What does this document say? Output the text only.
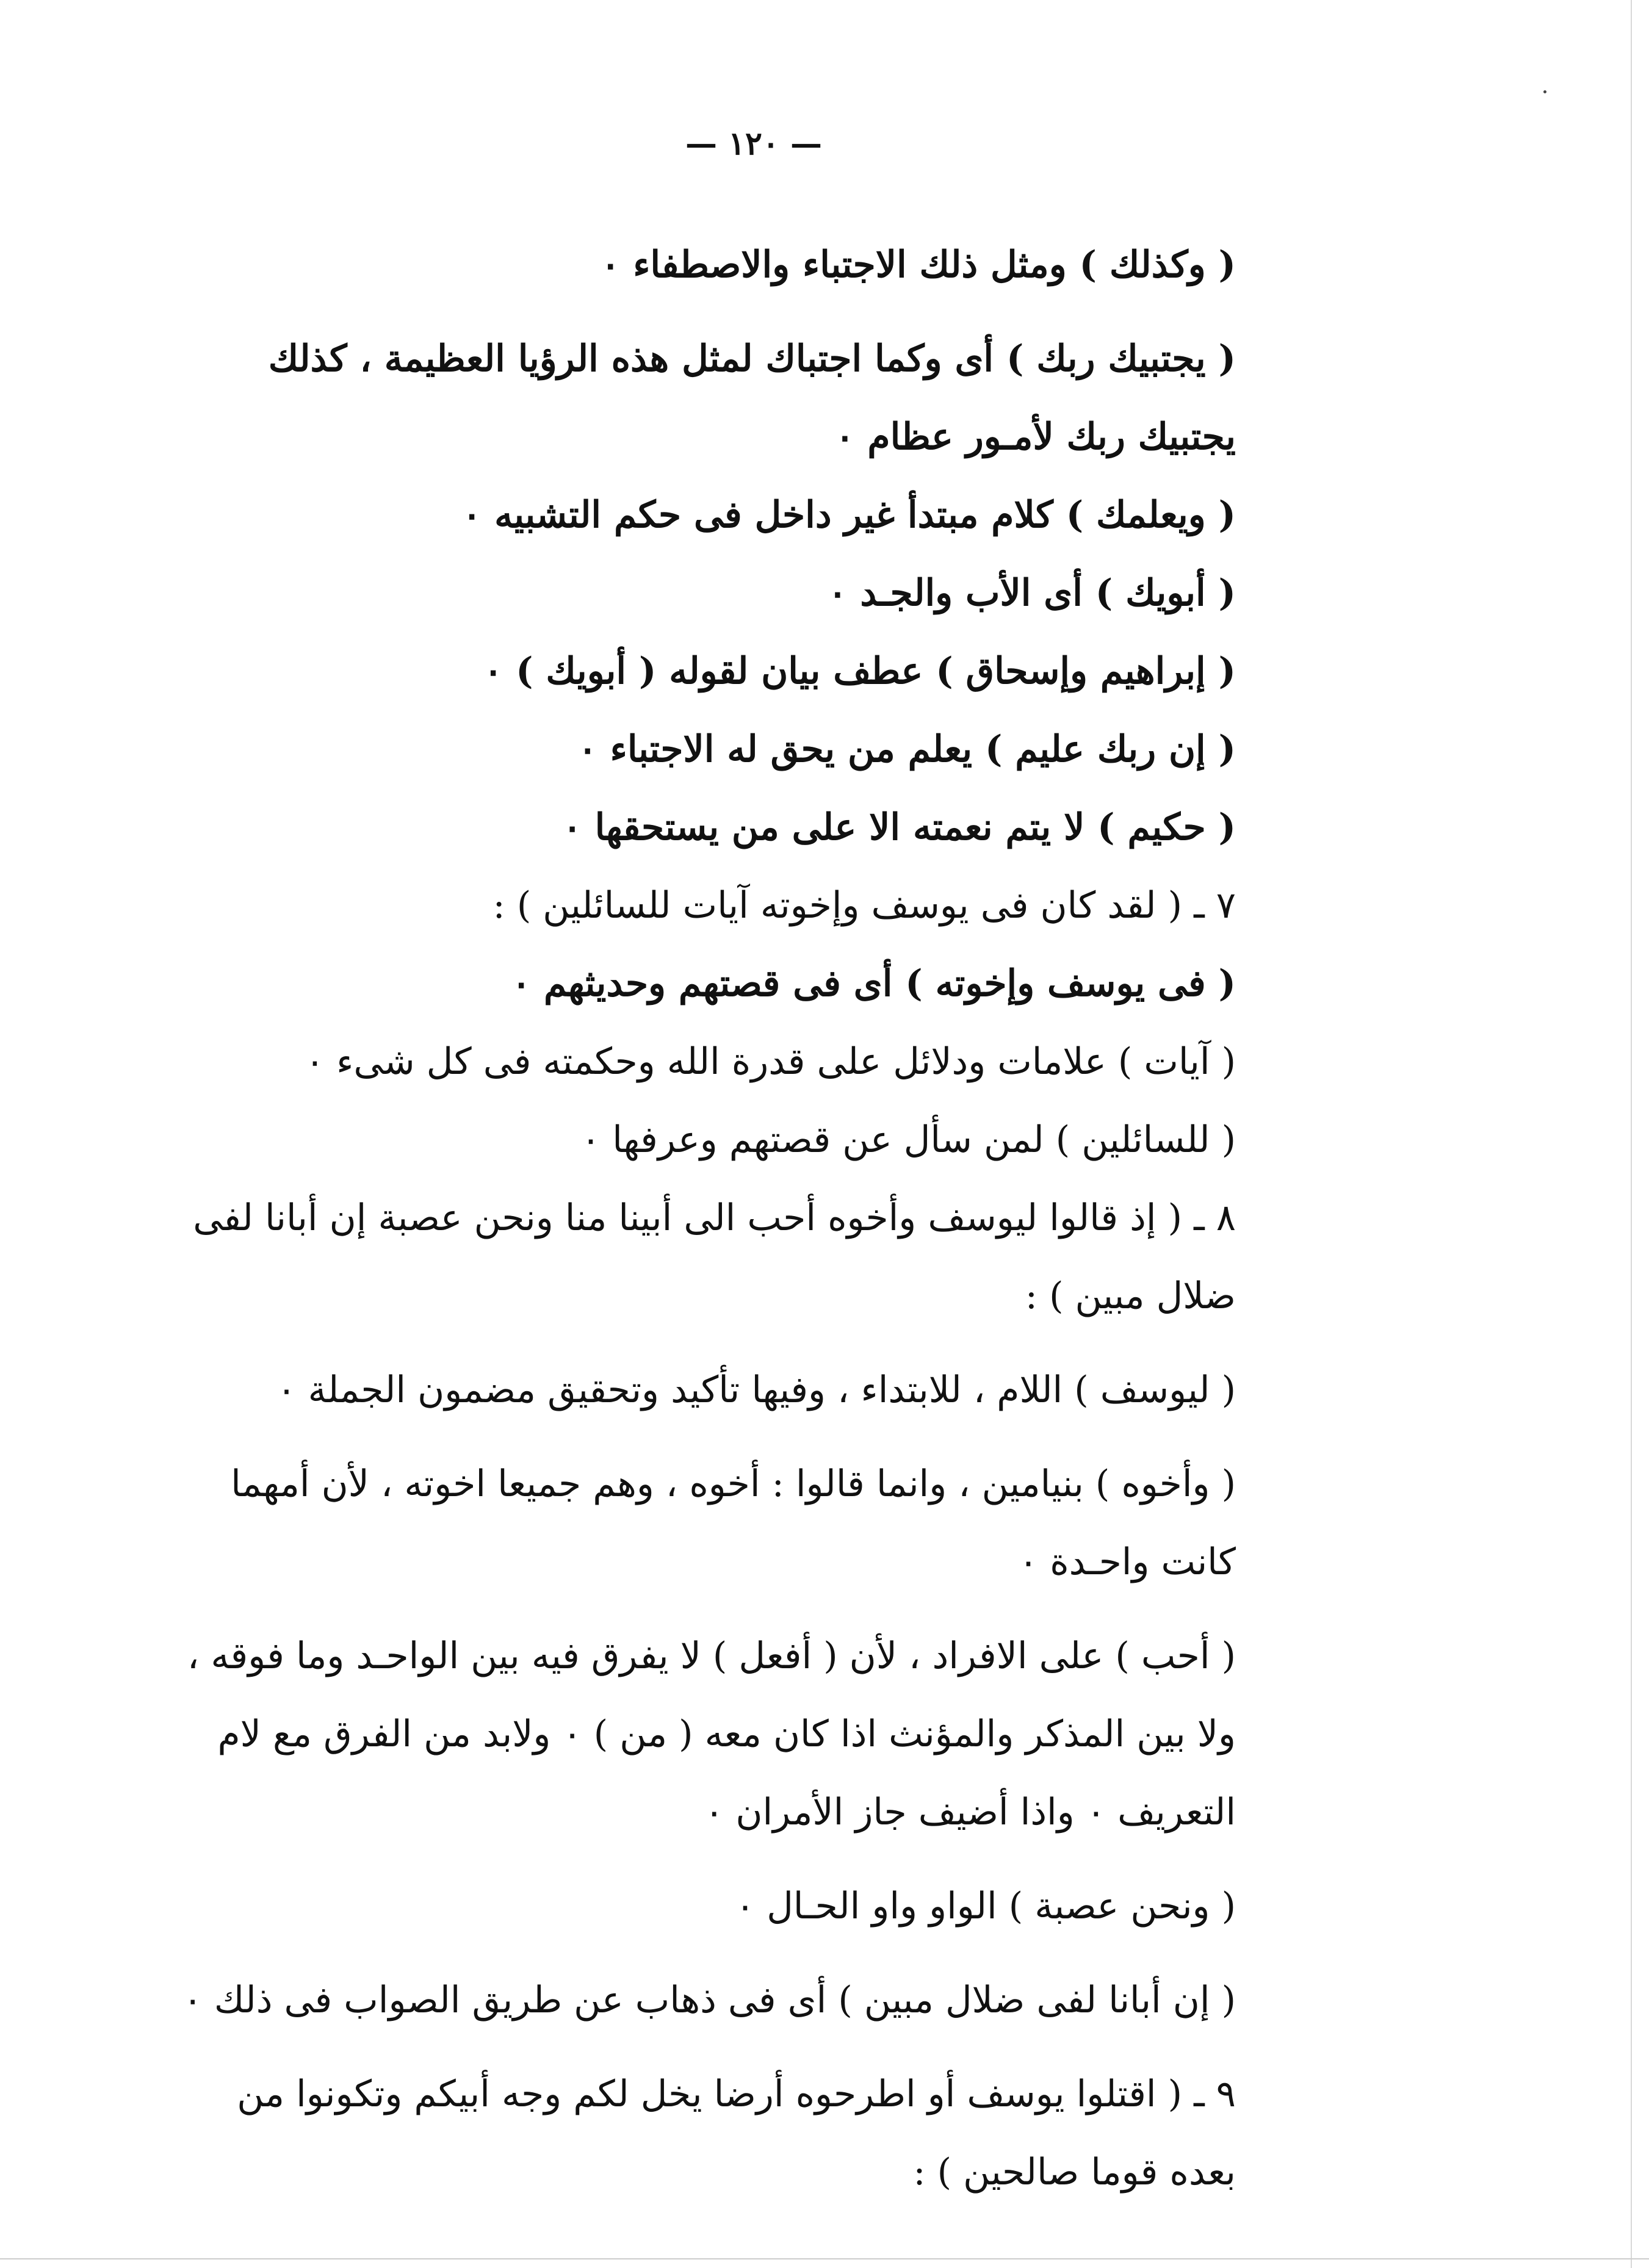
— ١٢٠ —

( وكذلك ) ومثل ذلك الاجتباء والاصطفاء ٠

( يجتبيك ربك ) أى وكما اجتباك لمثل هذه الرؤيا العظيمة ، كذلك يجتبيك ربك لأمـور عظام ٠

( ويعلمك ) كلام مبتدأ غير داخل فى حكم التشبيه ٠

( أبويك ) أى الأب والجـد ٠

( إبراهيم وإسحاق ) عطف بيان لقوله ( أبويك ) ٠

( إن ربك عليم ) يعلم من يحق له الاجتباء ٠

( حكيم ) لا يتم نعمته الا على من يستحقها ٠

٧ ـ ( لقد كان فى يوسف وإخوته آيات للسائلين ) :

( فى يوسف وإخوته ) أى فى قصتهم وحديثهم ٠

( آيات ) علامات ودلائل على قدرة الله وحكمته فى كل شىء ٠

( للسائلين ) لمن سأل عن قصتهم وعرفها ٠

٨ ـ ( إذ قالوا ليوسف وأخوه أحب الى أبينا منا ونحن عصبة إن أبانا لفى ضلال مبين ) :

( ليوسف ) اللام ، للابتداء ، وفيها تأكيد وتحقيق مضمون الجملة ٠

( وأخوه ) بنيامين ، وانما قالوا : أخوه ، وهم جميعا اخوته ، لأن أمهما كانت واحـدة ٠

( أحب ) على الافراد ، لأن ( أفعل ) لا يفرق فيه بين الواحـد وما فوقه ، ولا بين المذكر والمؤنث اذا كان معه ( من ) ٠ ولابد من الفرق مع لام التعريف ٠ واذا أضيف جاز الأمران ٠

( ونحن عصبة ) الواو واو الحـال ٠

( إن أبانا لفى ضلال مبين ) أى فى ذهاب عن طريق الصواب فى ذلك ٠

٩ ـ ( اقتلوا يوسف أو اطرحوه أرضا يخل لكم وجه أبيكم وتكونوا من بعده قوما صالحين ) :
